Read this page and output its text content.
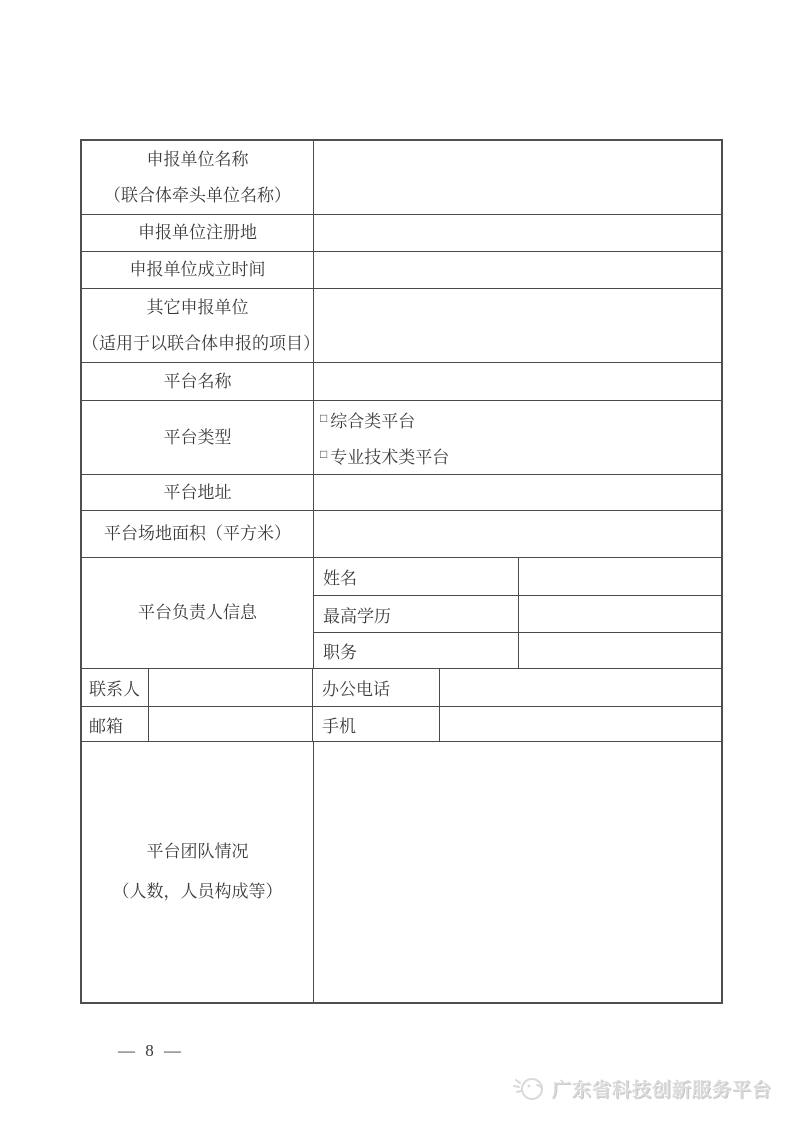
申报单位名称
（联合体牵头单位名称）
申报单位注册地
申报单位成立时间
其它申报单位
（适用于以联合体申报的项目）
平台名称
平台类型
□ 综合类平台
□ 专业技术类平台
平台地址
平台场地面积（平方米）
平台负责人信息
姓名
最高学历
职务
联系人	办公电话
邮箱	手机
平台团队情况
（人数，人员构成等）
— 8 —
广东省科技创新服务平台
